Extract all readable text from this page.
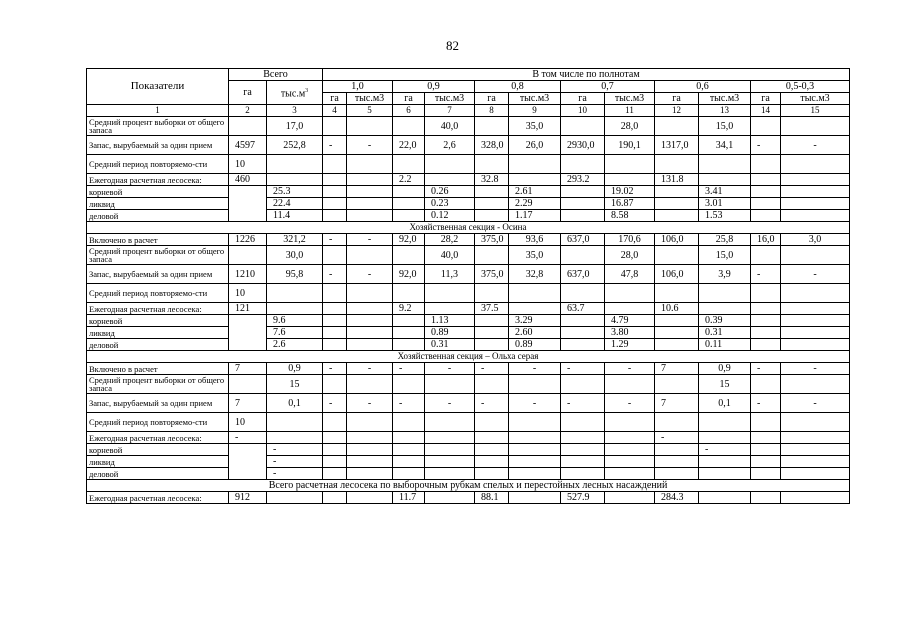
82
Показатели	Всего		В том числе по полнотам											
	га	$тыс.м^3$	1,0		0,9		0,8		0,7		0,6		0,5-0,3	
			га	тыс.м3	га	тыс.м3	га	тыс.м3	га	тыс.м3	га	тыс.м3	га	тыс.м3
1	2	3	4	5	6	7	8	9	10	11	12	13	14	15
Средний процент выборки от общего запаса		17,0				40,0		35,0		28,0		15,0		
Запас, вырубаемый за один прием	4597	252,8	-	-	22,0	2,6	328,0	26,0	2930,0	190,1	1317,0	34,1	-	-
Средний период повторяемо-сти	10													
Ежегодная расчетная лесосека:	460				2.2		32.8		293.2		131.8			
корневой		25.3				0.26		2.61		19.02		3.41		
ликвид		22.4				0.23		2.29		16.87		3.01		
деловой		11.4				0.12		1.17		8.58		1.53		
Хозяйственная секция - Осина														
Включено в расчет	1226	321,2	-	-	92,0	28,2	375,0	93,6	637,0	170,6	106,0	25,8	16,0	3,0
Средний процент выборки от общего запаса		30,0				40,0		35,0		28,0		15,0		
Запас, вырубаемый за один прием	1210	95,8	-	-	92,0	11,3	375,0	32,8	637,0	47,8	106,0	3,9	-	-
Средний период повторяемо-сти	10													
Ежегодная расчетная лесосека:	121				9.2		37.5		63.7		10.6			
корневой		9.6				1.13		3.29		4.79		0.39		
ликвид		7.6				0.89		2.60		3.80		0.31		
деловой		2.6				0.31		0.89		1.29		0.11		
Хозяйственная секция – Ольха серая														
Включено в расчет	7	0,9	-	-	-	-	-	-	-	-	7	0,9	-	-
Средний процент выборки от общего запаса		15										15		
Запас, вырубаемый за один прием	7	0,1	-	-	-	-	-	-	-	-	7	0,1	-	-
Средний период повторяемо-сти	10													
Ежегодная расчетная лесосека:	-										-			
корневой		-										-		
ликвид		-												
деловой		-												
Всего расчетная лесосека по выборочным рубкам спелых и перестойных лесных насаждений														
Ежегодная расчетная лесосека:	912				11.7		88.1		527.9		284.3			
